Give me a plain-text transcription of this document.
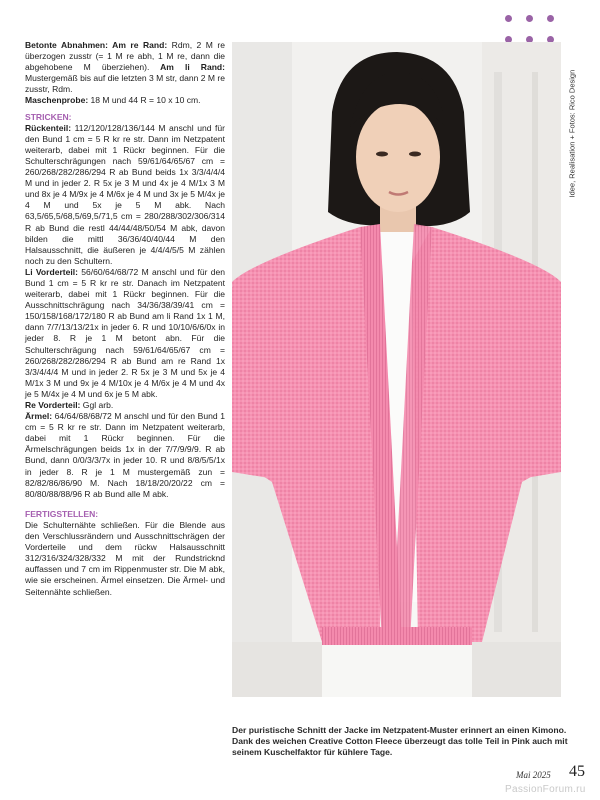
Betonte Abnahmen: Am re Rand: Rdm, 2 M re überzogen zusstr (= 1 M re abh, 1 M re, dann die abgehobene M überziehen). Am li Rand: Mustergemäß bis auf die letzten 3 M str, dann 2 M re zusstr, Rdm.

Maschenprobe: 18 M und 44 R = 10 x 10 cm.

STRICKEN:

Rückenteil: 112/120/128/136/144 M anschl und für den Bund 1 cm = 5 R kr re str. Dann im Netzpatent weiterarb, dabei mit 1 Rückr beginnen. Für die Schulterschrägungen nach 59/61/64/65/67 cm = 260/268/282/286/294 R ab Bund beids 1x 3/3/4/4/4 M und in jeder 2. R 5x je 3 M und 4x je 4 M/1x 3 M und 8x je 4 M/9x je 4 M/6x je 4 M und 3x je 5 M/4x je 4 M und 5x je 5 M abk. Nach 63,5/65,5/68,5/69,5/71,5 cm = 280/288/302/306/314 R ab Bund die restl 44/44/48/50/54 M abk, davon bilden die mittl 36/36/40/40/44 M den Halsausschnitt, die äußeren je 4/4/4/5/5 M zählen noch zu den Schultern.

Li Vorderteil: 56/60/64/68/72 M anschl und für den Bund 1 cm = 5 R kr re str. Danach im Netzpatent weiterarb, dabei mit 1 Rückr beginnen. Für die Ausschnittschrägung nach 34/36/38/39/41 cm = 150/158/168/172/180 R ab Bund am li Rand 1x 1 M, dann 7/7/13/13/21x in jeder 6. R und 10/10/6/6/0x in jeder 8. R je 1 M betont abn. Für die Schulterschrägung nach 59/61/64/65/67 cm = 260/268/282/286/294 R ab Bund am re Rand 1x 3/3/4/4/4 M und in jeder 2. R 5x je 3 M und 5x je 4 M/1x 3 M und 9x je 4 M/10x je 4 M/6x je 4 M und 4x je 5 M/4x je 4 M und 6x je 5 M abk.

Re Vorderteil: Ggl arb.

Ärmel: 64/64/68/68/72 M anschl und für den Bund 1 cm = 5 R kr re str. Dann im Netzpatent weiterarb, dabei mit 1 Rückr beginnen. Für die Ärmelschrägungen beids 1x in der 7/7/9/9/9. R ab Bund, dann 0/0/3/3/7x in jeder 10. R und 8/8/5/5/1x in jeder 8. R je 1 M mustergemäß zun = 82/82/86/86/90 M. Nach 18/18/20/20/22 cm = 80/80/88/88/96 R ab Bund alle M abk.

FERTIGSTELLEN:

Die Schulternähte schließen. Für die Blende aus den Verschlussrändern und Ausschnittschrägen der Vorderteile und dem rückw Halsausschnitt 312/316/324/328/332 M mit der Rundstricknd auffassen und 7 cm im Rippenmuster str. Die M abk, wie sie erscheinen. Ärmel einsetzen. Die Ärmel- und Seitennähte schließen.

Idee, Realisation + Fotos: Rico Design
Der puristische Schnitt der Jacke im Netzpatent-Muster erinnert an einen Kimono. Dank des weichen Creative Cotton Fleece überzeugt das tolle Teil in Pink auch mit seinem Kuschelfaktor für kühlere Tage.
Mai 2025 45
PassionForum.ru
